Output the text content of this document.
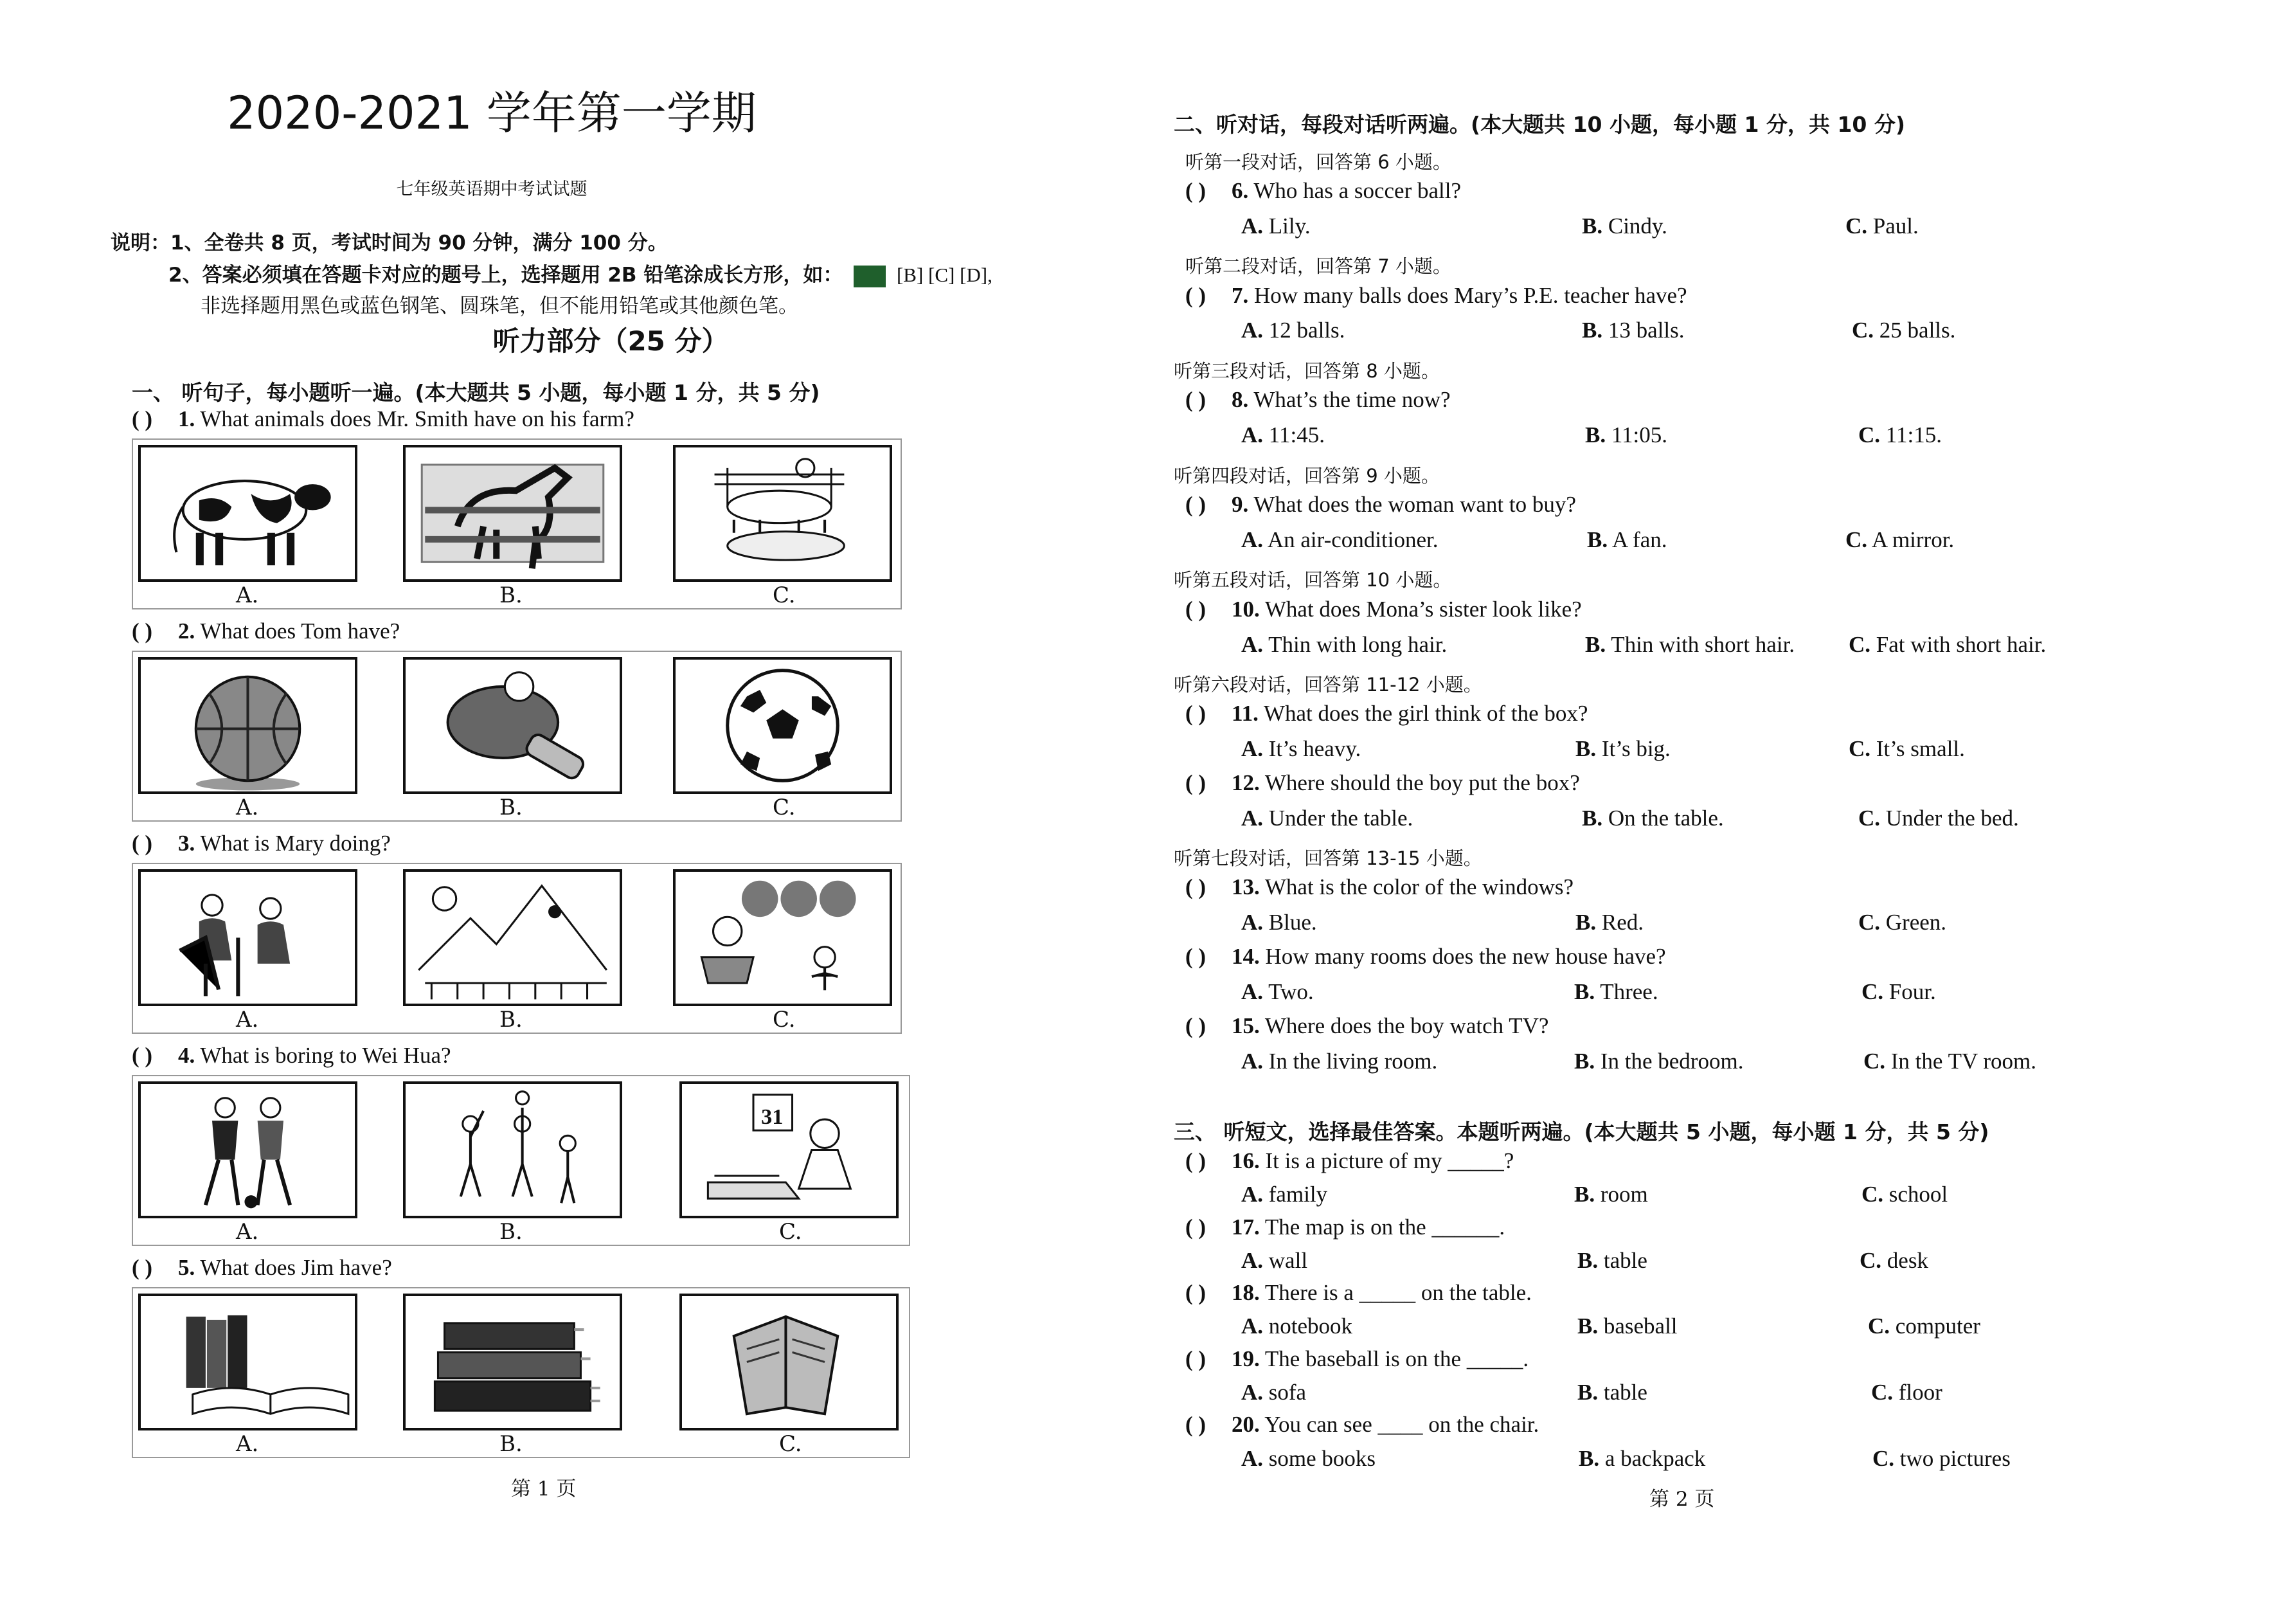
2020-2021 学年第一学期
七年级英语期中考试试题
说明：1、全卷共 8 页，考试时间为 90 分钟，满分 100 分。
2、答案必须填在答题卡对应的题号上，选择题用 2B 铅笔涂成长方形，如：	[B] [C] [D],
非选择题用黑色或蓝色钢笔、圆珠笔，但不能用铅笔或其他颜色笔。
听力部分（25 分）
一、 听句子，每小题听一遍。(本大题共 5 小题，每小题 1 分，共 5 分)
( ) 1. What animals does Mr. Smith have on his farm?
A.	B.	C.
( ) 2. What does Tom have?
A.	B.	C.
( ) 3. What is Mary doing?
A.	B.	C.
( ) 4. What is boring to Wei Hua?
A.	B.
31
C.
( ) 5. What does Jim have?
A.	B.	C.
第 1 页
二、听对话，每段对话听两遍。(本大题共 10 小题，每小题 1 分，共 10 分)
听第一段对话，回答第 6 小题。
( ) 6. Who has a soccer ball?
A. Lily.	B. Cindy.	C. Paul.
听第二段对话，回答第 7 小题。
( ) 7. How many balls does Mary’s P.E. teacher have?
A. 12 balls.	B. 13 balls.	C. 25 balls.
听第三段对话，回答第 8 小题。
( ) 8. What’s the time now?
A. 11:45.	B. 11:05.	C. 11:15.
听第四段对话，回答第 9 小题。
( ) 9. What does the woman want to buy?
A. An air-conditioner.	B. A fan.	C. A mirror.
听第五段对话，回答第 10 小题。
( ) 10. What does Mona’s sister look like?
A. Thin with long hair.	B. Thin with short hair. C. Fat with short hair.
听第六段对话，回答第 11-12 小题。
( ) 11. What does the girl think of the box?
A. It’s heavy.	B. It’s big.	C. It’s small.
( ) 12. Where should the boy put the box?
A. Under the table.	B. On the table.	C. Under the bed.
听第七段对话，回答第 13-15 小题。
( ) 13. What is the color of the windows?
A. Blue.	B. Red.	C. Green.
( ) 14. How many rooms does the new house have?
A. Two.	B. Three.	C. Four.
( ) 15. Where does the boy watch TV?
A. In the living room.	B. In the bedroom.	C. In the TV room.
三、 听短文，选择最佳答案。本题听两遍。(本大题共 5 小题，每小题 1 分，共 5 分)
( ) 16. It is a picture of my _____?
A. family	B. room	C. school
( ) 17. The map is on the ______.
A. wall	B. table	C. desk
( ) 18. There is a _____ on the table.
A. notebook	B. baseball	C. computer
( ) 19. The baseball is on the _____.
A. sofa	B. table	C. floor
( ) 20. You can see ____ on the chair.
A. some books	B. a backpack	C. two pictures
第 2 页
